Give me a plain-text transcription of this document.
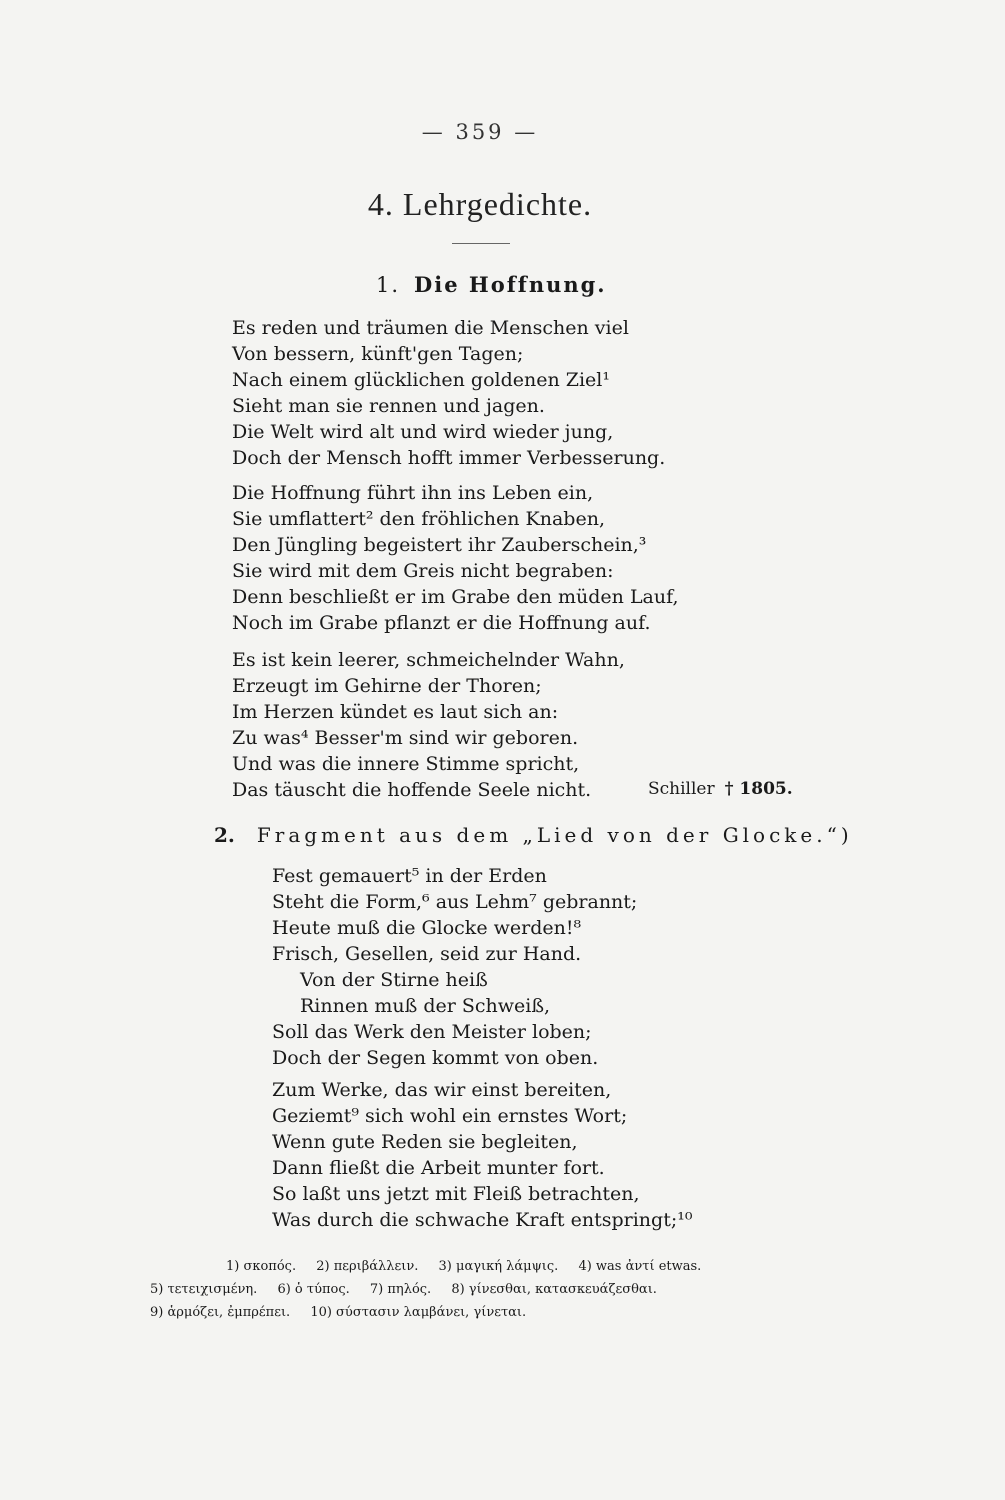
— 359 —
4. Lehrgedichte.
1. Die Hoffnung.
Es reden und träumen die Menschen viel
Von bessern, künft'gen Tagen;
Nach einem glücklichen goldenen Ziel¹
Sieht man sie rennen und jagen.
Die Welt wird alt und wird wieder jung,
Doch der Mensch hofft immer Verbesserung.
Die Hoffnung führt ihn ins Leben ein,
Sie umflattert² den fröhlichen Knaben,
Den Jüngling begeistert ihr Zauberschein,³
Sie wird mit dem Greis nicht begraben:
Denn beschließt er im Grabe den müden Lauf,
Noch im Grabe pflanzt er die Hoffnung auf.
Es ist kein leerer, schmeichelnder Wahn,
Erzeugt im Gehirne der Thoren;
Im Herzen kündet es laut sich an:
Zu was⁴ Besser'm sind wir geboren.
Und was die innere Stimme spricht,
Das täuscht die hoffende Seele nicht.	Schiller † 1805.
2. Fragment aus dem „Lied von der Glocke.“)
Fest gemauert⁵ in der Erden
Steht die Form,⁶ aus Lehm⁷ gebrannt;
Heute muß die Glocke werden!⁸
Frisch, Gesellen, seid zur Hand.
Von der Stirne heiß
Rinnen muß der Schweiß,
Soll das Werk den Meister loben;
Doch der Segen kommt von oben.
Zum Werke, das wir einst bereiten,
Geziemt⁹ sich wohl ein ernstes Wort;
Wenn gute Reden sie begleiten,
Dann fließt die Arbeit munter fort.
So laßt uns jetzt mit Fleiß betrachten,
Was durch die schwache Kraft entspringt;¹⁰
1) σκοπός. 2) περιβάλλειν. 3) μαγική λάμψις. 4) was ἀντί etwas.
5) τετειχισμένη. 6) ὁ τύπος. 7) πηλός. 8) γίνεσθαι, κατασκευάζεσθαι.
9) ἁρμόζει, ἐμπρέπει. 10) σύστασιν λαμβάνει, γίνεται.
